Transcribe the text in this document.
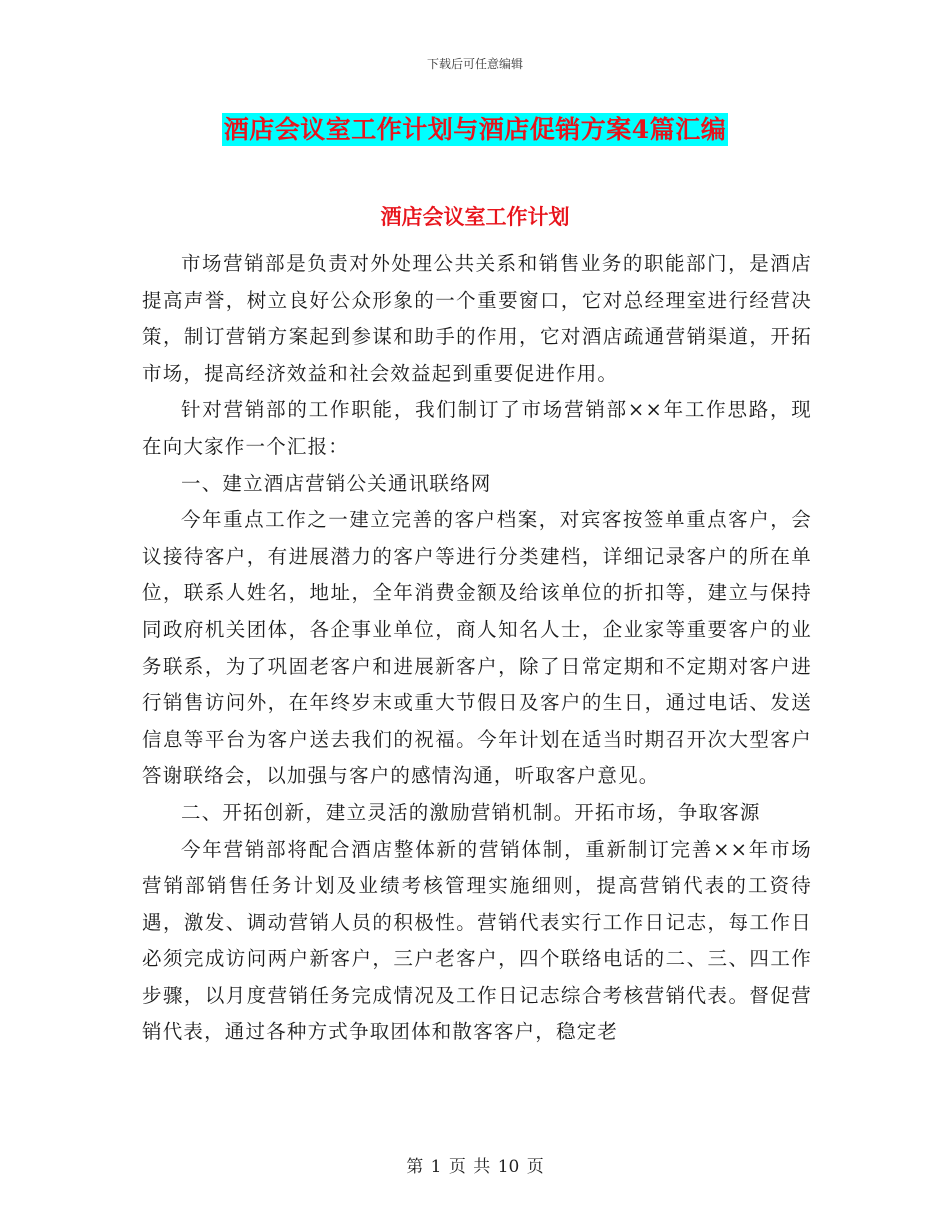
下载后可任意编辑
酒店会议室工作计划与酒店促销方案4篇汇编
酒店会议室工作计划

市场营销部是负责对外处理公共关系和销售业务的职能部门，是酒店提高声誉，树立良好公众形象的一个重要窗口，它对总经理室进行经营决策，制订营销方案起到参谋和助手的作用，它对酒店疏通营销渠道，开拓市场，提高经济效益和社会效益起到重要促进作用。

针对营销部的工作职能，我们制订了市场营销部××年工作思路，现在向大家作一个汇报：

一、建立酒店营销公关通讯联络网

今年重点工作之一建立完善的客户档案，对宾客按签单重点客户，会议接待客户，有进展潜力的客户等进行分类建档，详细记录客户的所在单位，联系人姓名，地址，全年消费金额及给该单位的折扣等，建立与保持同政府机关团体，各企事业单位，商人知名人士，企业家等重要客户的业务联系，为了巩固老客户和进展新客户，除了日常定期和不定期对客户进行销售访问外，在年终岁末或重大节假日及客户的生日，通过电话、发送信息等平台为客户送去我们的祝福。今年计划在适当时期召开次大型客户答谢联络会，以加强与客户的感情沟通，听取客户意见。

二、开拓创新，建立灵活的激励营销机制。开拓市场，争取客源

今年营销部将配合酒店整体新的营销体制，重新制订完善××年市场营销部销售任务计划及业绩考核管理实施细则，提高营销代表的工资待遇，激发、调动营销人员的积极性。营销代表实行工作日记志，每工作日必须完成访问两户新客户，三户老客户，四个联络电话的二、三、四工作步骤，以月度营销任务完成情况及工作日记志综合考核营销代表。督促营销代表，通过各种方式争取团体和散客客户，稳定老

第 1 页 共 10 页
